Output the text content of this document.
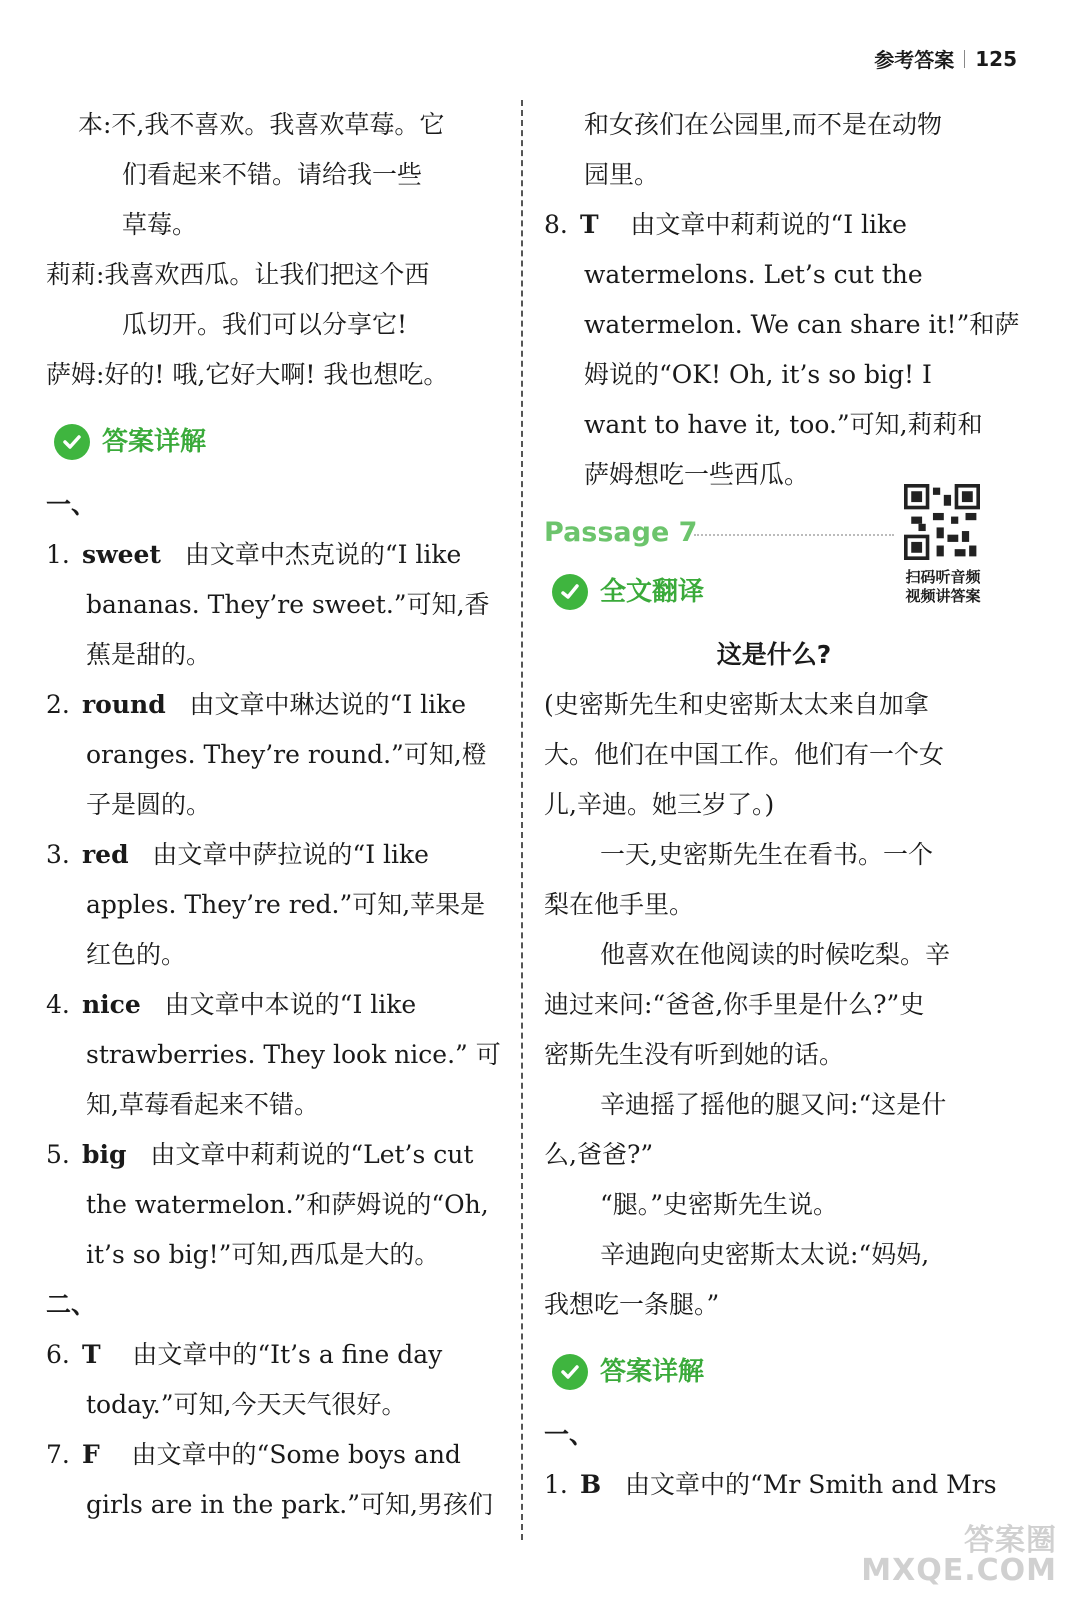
参考答案 125
本:不,我不喜欢。我喜欢草莓。它
们看起来不错。请给我一些
草莓。
莉莉:我喜欢西瓜。让我们把这个西
瓜切开。我们可以分享它!
萨姆:好的! 哦,它好大啊! 我也想吃。
答案详解
一、
1. sweet 由文章中杰克说的“I like
bananas. They’re sweet.”可知,香
蕉是甜的。
2. round 由文章中琳达说的“I like
oranges. They’re round.”可知,橙
子是圆的。
3. red 由文章中萨拉说的“I like
apples. They’re red.”可知,苹果是
红色的。
4. nice 由文章中本说的“I like
strawberries. They look nice.” 可
知,草莓看起来不错。
5. big 由文章中莉莉说的“Let’s cut
the watermelon.”和萨姆说的“Oh,
it’s so big!”可知,西瓜是大的。
二、
6. T 由文章中的“It’s a fine day
today.”可知,今天天气很好。
7. F 由文章中的“Some boys and
girls are in the park.”可知,男孩们
和女孩们在公园里,而不是在动物
园里。
8. T 由文章中莉莉说的“I like
watermelons. Let’s cut the
watermelon. We can share it!”和萨
姆说的“OK! Oh, it’s so big! I
want to have it, too.”可知,莉莉和
萨姆想吃一些西瓜。
Passage 7
扫码听音频
视频讲答案
全文翻译
这是什么?
(史密斯先生和史密斯太太来自加拿
大。他们在中国工作。他们有一个女
儿,辛迪。她三岁了。)
一天,史密斯先生在看书。一个
梨在他手里。
他喜欢在他阅读的时候吃梨。辛
迪过来问:“爸爸,你手里是什么?”史
密斯先生没有听到她的话。
辛迪摇了摇他的腿又问:“这是什
么,爸爸?”
“腿。”史密斯先生说。
辛迪跑向史密斯太太说:“妈妈,
我想吃一条腿。”
答案详解
一、
1. B 由文章中的“Mr Smith and Mrs
答案圈
MXQE.COM
